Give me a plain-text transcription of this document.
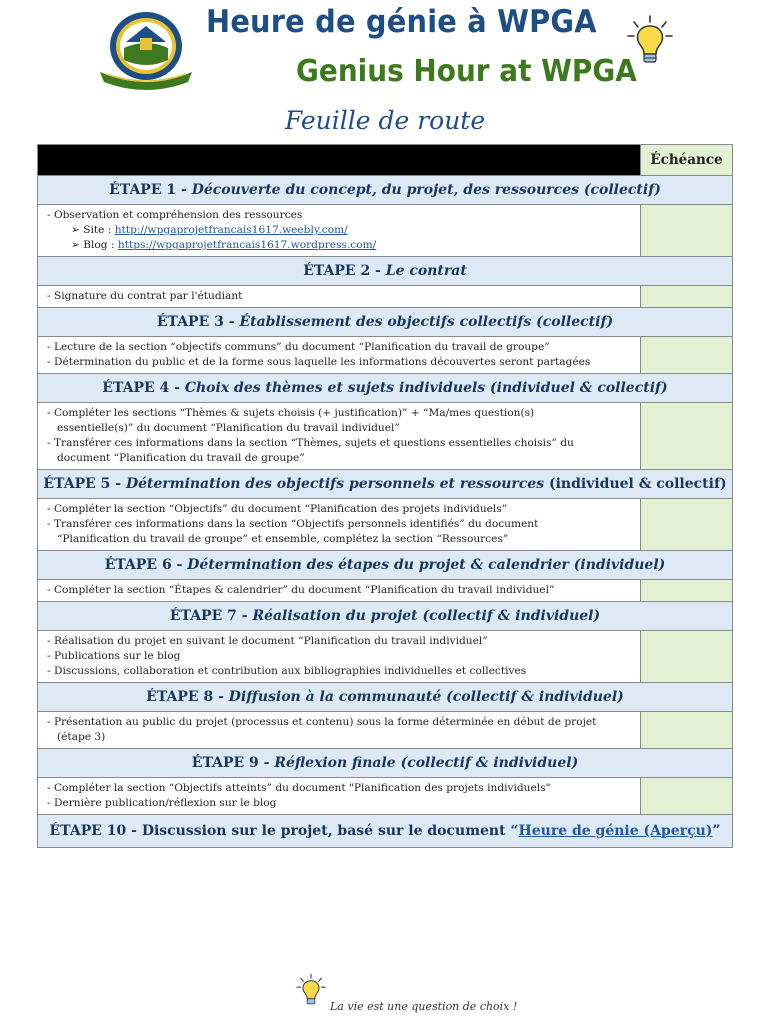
Heure de génie à WPGA
Genius Hour at WPGA
Feuille de route
	Échéance
ÉTAPE 1 - Découverte du concept, du projet, des ressources (collectif)	

- Observation et compréhension des ressources
➢ Site : http://wpgaprojetfrancais1617.weebly.com/
➢ Blog : https://wpgaprojetfrancais1617.wordpress.com/	

ÉTAPE 2 - Le contrat	

- Signature du contrat par l'étudiant	

ÉTAPE 3 - Établissement des objectifs collectifs (collectif)	

- Lecture de la section “objectifs communs” du document “Planification du travail de groupe”
- Détermination du public et de la forme sous laquelle les informations découvertes seront partagées	

ÉTAPE 4 - Choix des thèmes et sujets individuels (individuel & collectif)	

- Compléter les sections “Thèmes & sujets choisis (+ justification)” + “Ma/mes question(s)
essentielle(s)” du document “Planification du travail individuel”
- Transférer ces informations dans la section “Thèmes, sujets et questions essentielles choisis” du
document “Planification du travail de groupe”	

ÉTAPE 5 - Détermination des objectifs personnels et ressources (individuel & collectif)	

- Compléter la section “Objectifs” du document “Planification des projets individuels”
- Transférer ces informations dans la section “Objectifs personnels identifiés” du document
“Planification du travail de groupe” et ensemble, complétez la section “Ressources”	

ÉTAPE 6 - Détermination des étapes du projet & calendrier (individuel)	

- Compléter la section “Étapes & calendrier” du document “Planification du travail individuel”	

ÉTAPE 7 - Réalisation du projet (collectif & individuel)	

- Réalisation du projet en suivant le document “Planification du travail individuel”
- Publications sur le blog
- Discussions, collaboration et contribution aux bibliographies individuelles et collectives	

ÉTAPE 8 - Diffusion à la communauté (collectif & individuel)	

- Présentation au public du projet (processus et contenu) sous la forme déterminée en début de projet
(étape 3)	

ÉTAPE 9 - Réflexion finale (collectif & individuel)	

- Compléter la section “Objectifs atteints” du document "Planification des projets individuels"
- Dernière publication/réflexion sur le blog	

ÉTAPE 10 - Discussion sur le projet, basé sur le document “Heure de génie (Aperçu)”	
La vie est une question de choix !
